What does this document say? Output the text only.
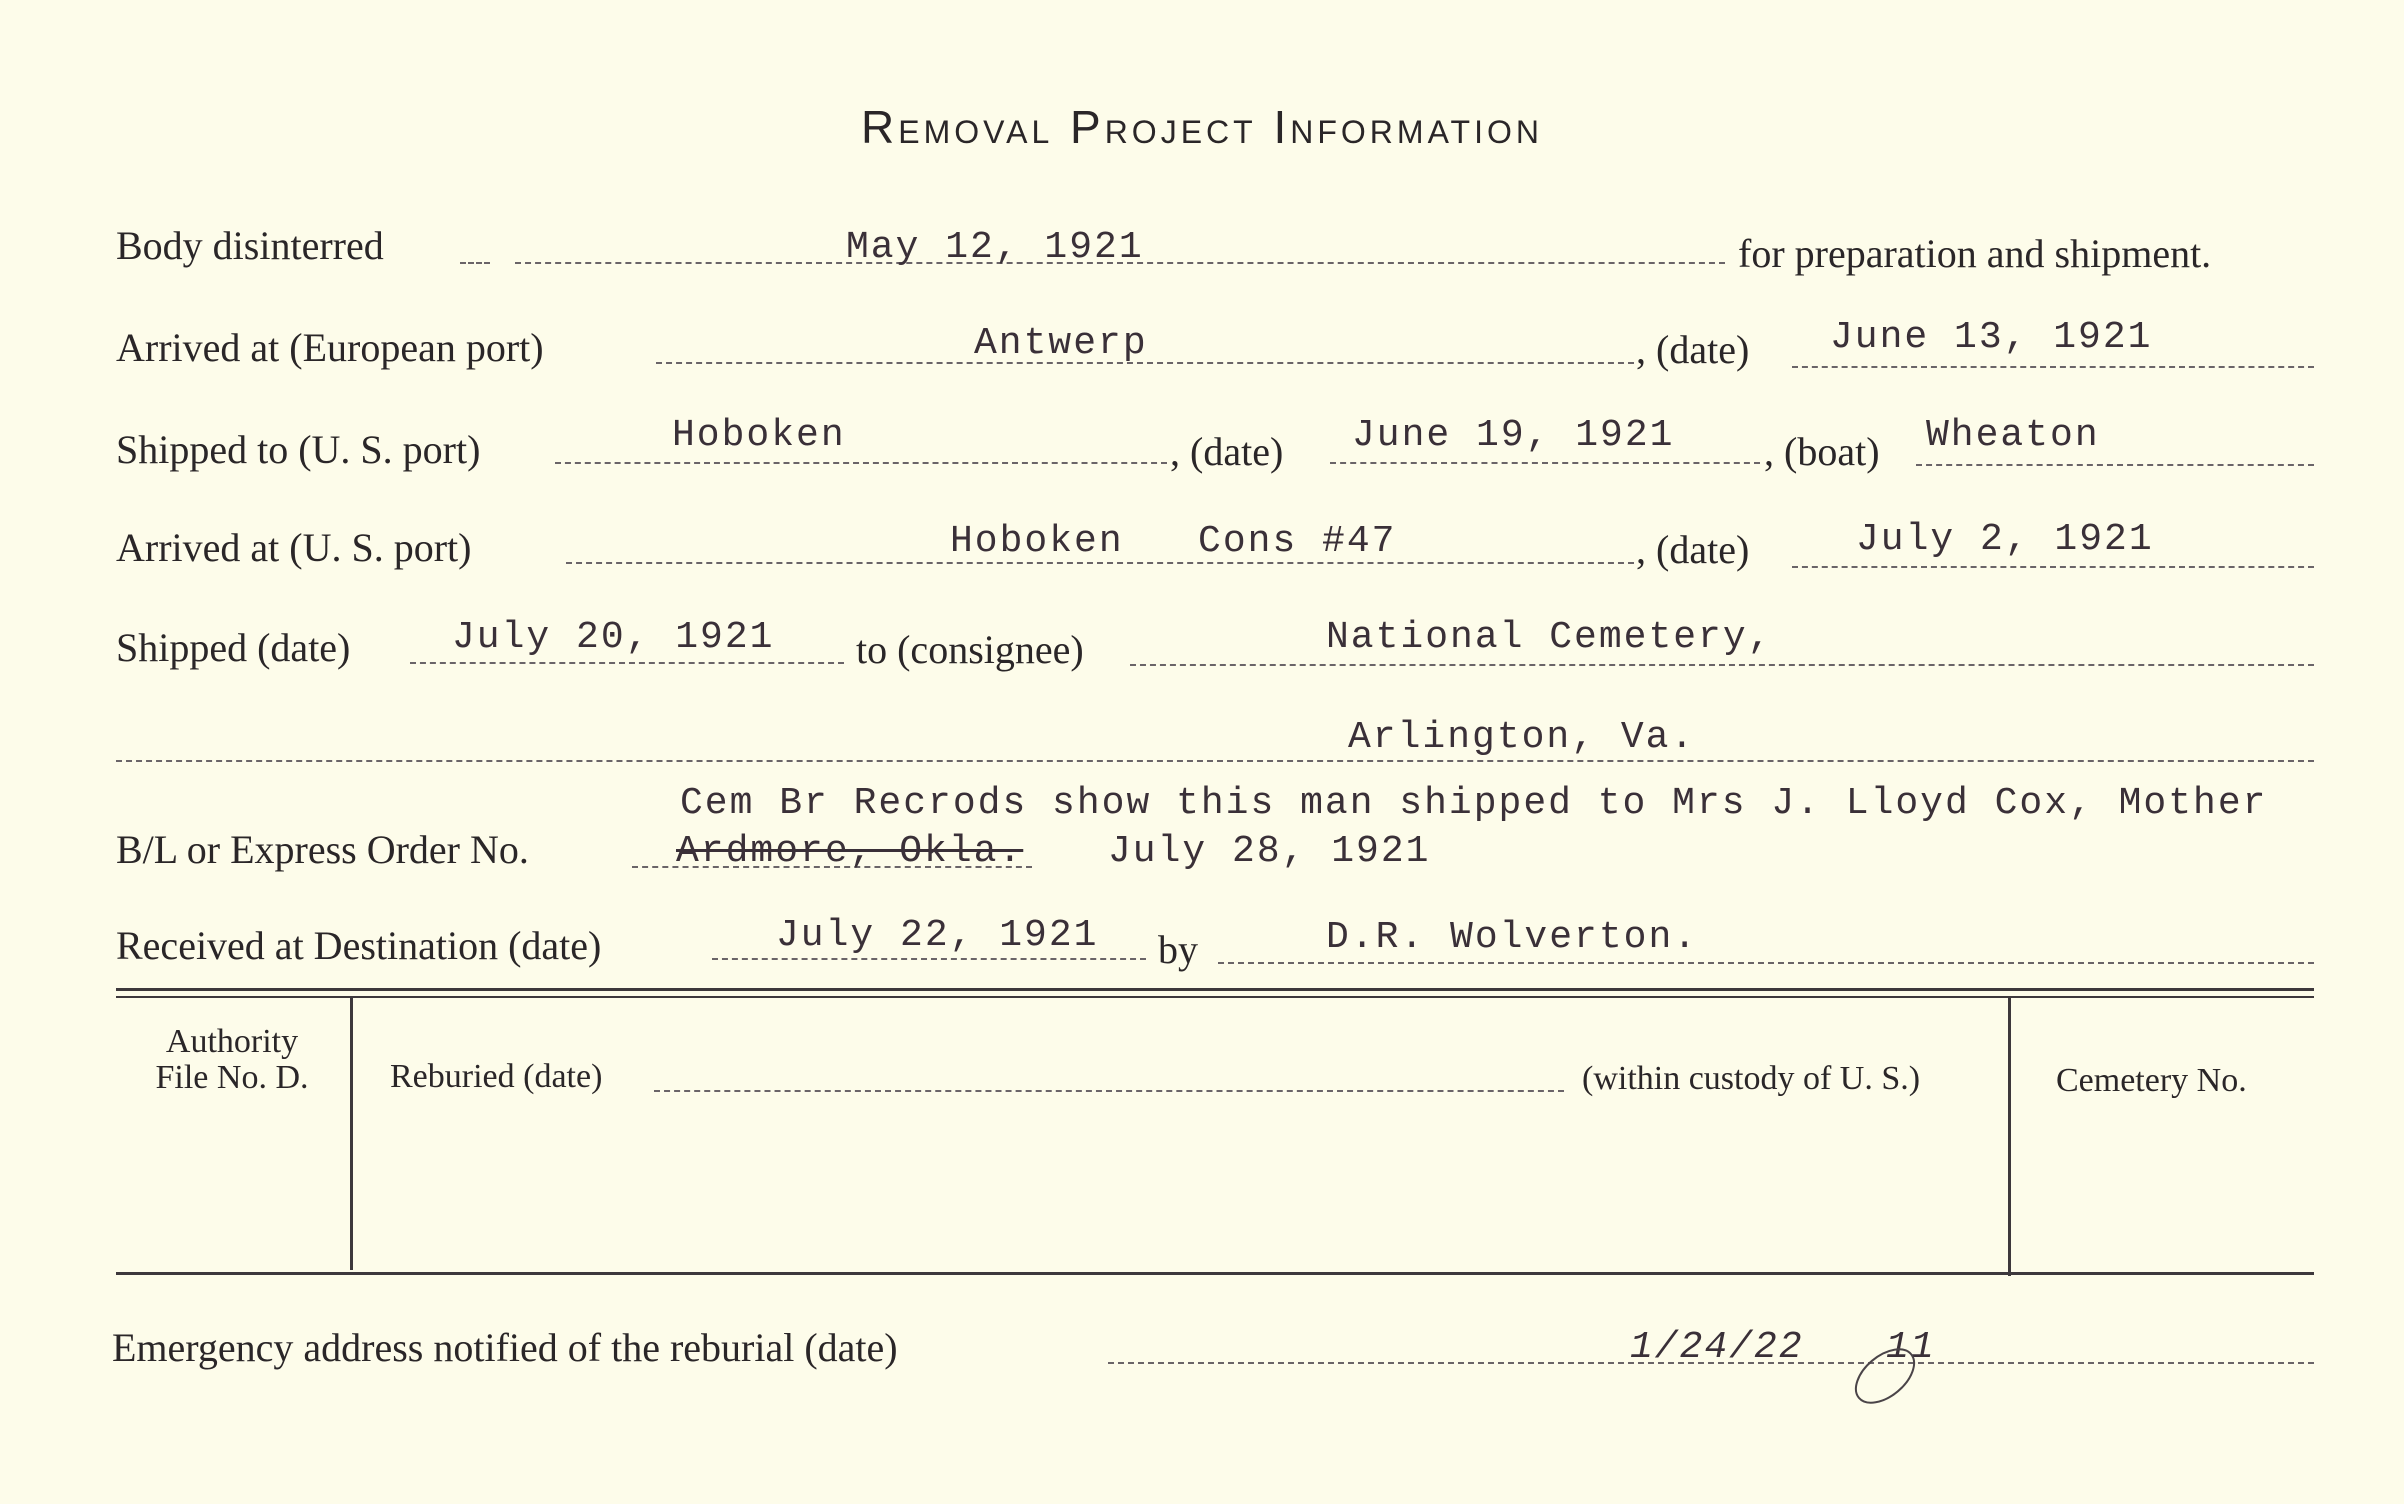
Removal Project Information
Body disinterred	May 12, 1921	for preparation and shipment.
Arrived at (European port)	Antwerp	, (date) June 13, 1921
Shipped to (U. S. port)	Hoboken	, (date) June 19, 1921 , (boat) Wheaton
Arrived at (U. S. port)	Hoboken   Cons #47	, (date)	July 2, 1921
Shipped (date)	July 20, 1921 to (consignee)	National Cemetery,
Arlington, Va.
Cem Br Recrods show this man shipped to Mrs J. Lloyd Cox, Mother
B/L or Express Order No.	Ardmore, Okla. July 28, 1921
Received at Destination (date)	July 22, 1921 by	D.R. Wolverton.
Authority
File No. D.	Reburied (date)	(within custody of U. S.)	Cemetery No.
Emergency address notified of the reburial (date)	1/24/22 11
